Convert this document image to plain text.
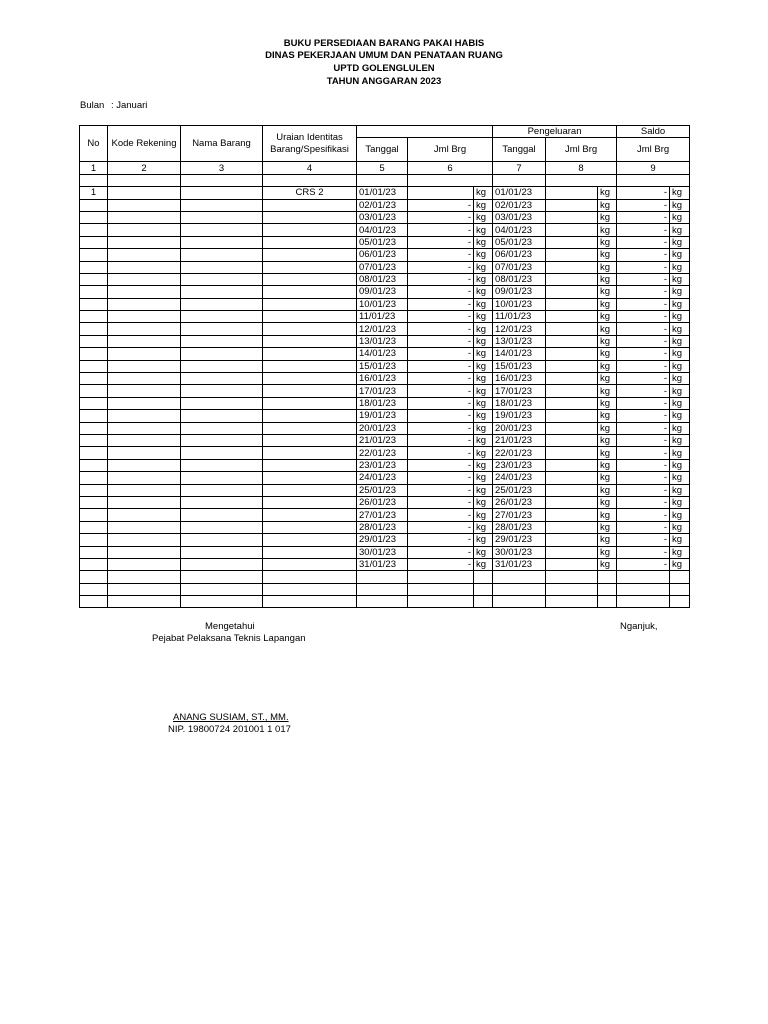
BUKU PERSEDIAAN BARANG PAKAI HABIS
DINAS PEKERJAAN UMUM DAN PENATAAN RUANG
UPTD GOLENGLULEN
TAHUN ANGGARAN 2023
Bulan : Januari
No	Kode Rekening	Nama Barang	Uraian Identitas Barang/Spesifikasi				Pengeluaran			Saldo	
				Tanggal	Jml Brg		Tanggal	Jml Brg		Jml Brg	
1	2	3	4	5	6		7	8		9	

1			CRS 2	01/01/23		kg	01/01/23		kg	-	kg
				02/01/23	-	kg	02/01/23		kg	-	kg
				03/01/23	-	kg	03/01/23		kg	-	kg
				04/01/23	-	kg	04/01/23		kg	-	kg
				05/01/23	-	kg	05/01/23		kg	-	kg
				06/01/23	-	kg	06/01/23		kg	-	kg
				07/01/23	-	kg	07/01/23		kg	-	kg
				08/01/23	-	kg	08/01/23		kg	-	kg
				09/01/23	-	kg	09/01/23		kg	-	kg
				10/01/23	-	kg	10/01/23		kg	-	kg
				11/01/23	-	kg	11/01/23		kg	-	kg
				12/01/23	-	kg	12/01/23		kg	-	kg
				13/01/23	-	kg	13/01/23		kg	-	kg
				14/01/23	-	kg	14/01/23		kg	-	kg
				15/01/23	-	kg	15/01/23		kg	-	kg
				16/01/23	-	kg	16/01/23		kg	-	kg
				17/01/23	-	kg	17/01/23		kg	-	kg
				18/01/23	-	kg	18/01/23		kg	-	kg
				19/01/23	-	kg	19/01/23		kg	-	kg
				20/01/23	-	kg	20/01/23		kg	-	kg
				21/01/23	-	kg	21/01/23		kg	-	kg
				22/01/23	-	kg	22/01/23		kg	-	kg
				23/01/23	-	kg	23/01/23		kg	-	kg
				24/01/23	-	kg	24/01/23		kg	-	kg
				25/01/23	-	kg	25/01/23		kg	-	kg
				26/01/23	-	kg	26/01/23		kg	-	kg
				27/01/23	-	kg	27/01/23		kg	-	kg
				28/01/23	-	kg	28/01/23		kg	-	kg
				29/01/23	-	kg	29/01/23		kg	-	kg
				30/01/23	-	kg	30/01/23		kg	-	kg
				31/01/23	-	kg	31/01/23		kg	-	kg

Mengetahui
Pejabat Pelaksana Teknis Lapangan
Nganjuk,
ANANG SUSIAM, ST., MM.
NIP. 19800724 201001 1 017
